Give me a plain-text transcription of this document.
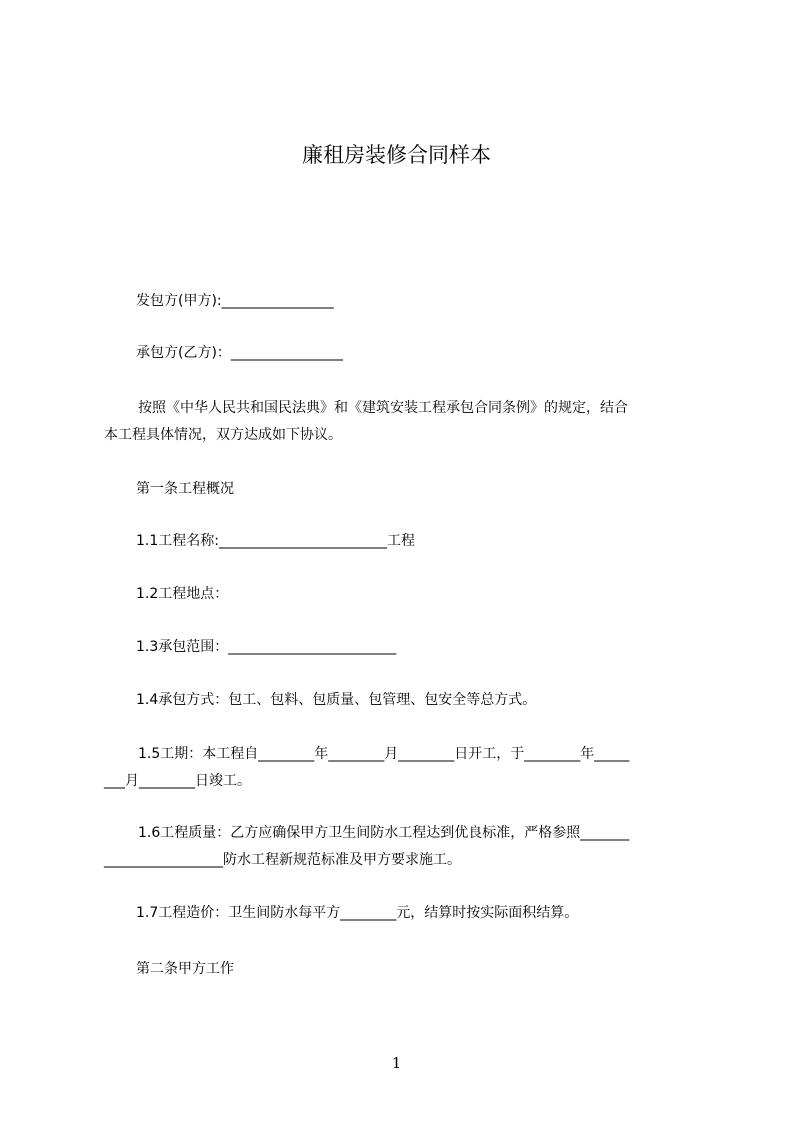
廉租房装修合同样本
发包方(甲方):________________
承包方(乙方)：________________
按照《中华人民共和国民法典》和《建筑安装工程承包合同条例》的规定，结合
本工程具体情况，双方达成如下协议。
第一条工程概况
1.1工程名称:________________________工程
1.2工程地点：
1.3承包范围：________________________
1.4承包方式：包工、包料、包质量、包管理、包安全等总方式。
1.5工期：本工程自________年________月________日开工，于________年_____
___月________日竣工。
1.6工程质量：乙方应确保甲方卫生间防水工程达到优良标准，严格参照_______
_________________防水工程新规范标准及甲方要求施工。
1.7工程造价：卫生间防水每平方________元，结算时按实际面积结算。
第二条甲方工作
1
